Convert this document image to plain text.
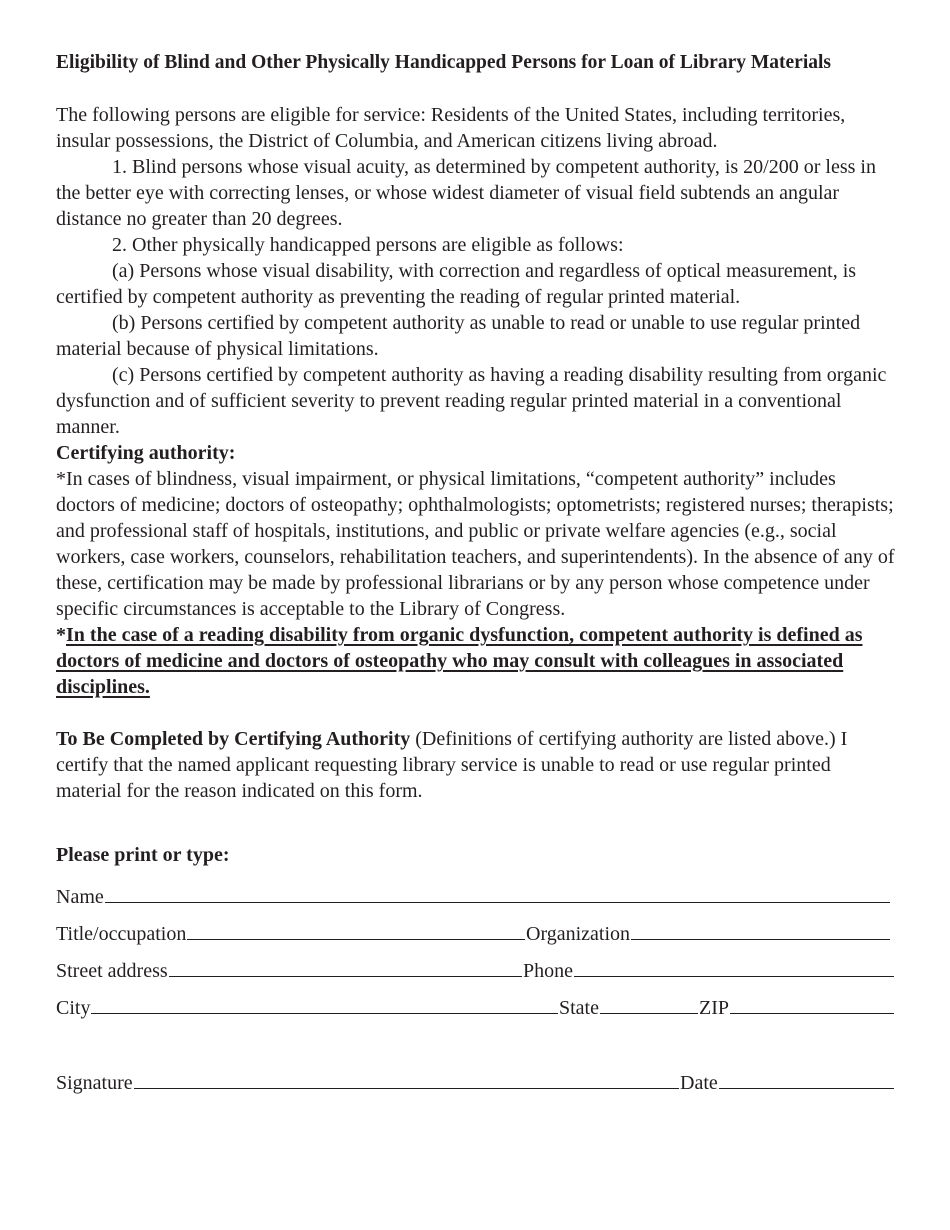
Eligibility of Blind and Other Physically Handicapped Persons for Loan of Library Materials

The following persons are eligible for service: Residents of the United States, including territories, insular possessions, the District of Columbia, and American citizens living abroad.

1. Blind persons whose visual acuity, as determined by competent authority, is 20/200 or less in the better eye with correcting lenses, or whose widest diameter of visual field subtends an angular distance no greater than 20 degrees.

2. Other physically handicapped persons are eligible as follows:

(a) Persons whose visual disability, with correction and regardless of optical measurement, is certified by competent authority as preventing the reading of regular printed material.

(b) Persons certified by competent authority as unable to read or unable to use regular printed material because of physical limitations.

(c) Persons certified by competent authority as having a reading disability resulting from organic dysfunction and of sufficient severity to prevent reading regular printed material in a conventional manner.

Certifying authority:

*In cases of blindness, visual impairment, or physical limitations, “competent authority” includes doctors of medicine; doctors of osteopathy; ophthalmologists; optometrists; registered nurses; therapists; and professional staff of hospitals, institutions, and public or private welfare agencies (e.g., social workers, case workers, counselors, rehabilitation teachers, and superintendents). In the absence of any of these, certification may be made by professional librarians or by any person whose competence under specific circumstances is acceptable to the Library of Congress.

*In the case of a reading disability from organic dysfunction, competent authority is defined as doctors of medicine and doctors of osteopathy who may consult with colleagues in associated disciplines.

To Be Completed by Certifying Authority (Definitions of certifying authority are listed above.) I certify that the named applicant requesting library service is unable to read or use regular printed material for the reason indicated on this form.

Please print or type:
Name
Title/occupation	Organization
Street address	Phone
City	State	ZIP
Signature	Date
